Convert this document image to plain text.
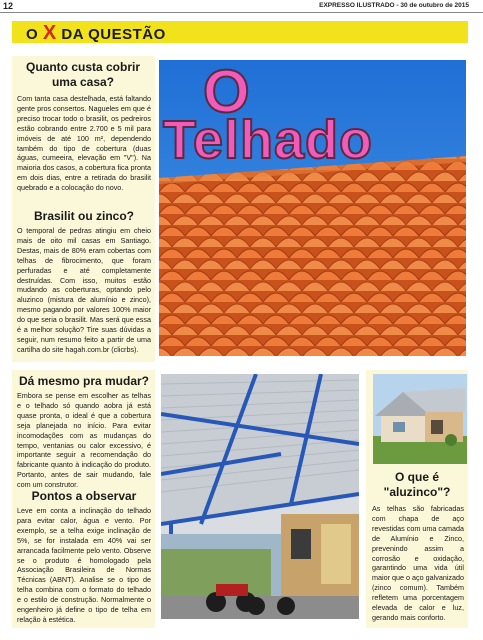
12	EXPRESSO ILUSTRADO - 30 de outubro de 2015
O X DA QUESTÃO
Quanto custa cobrir uma casa?
Com tanta casa destelhada, está faltando gente pros consertos. Nagueles em que é preciso trocar todo o brasilit, os pedreiros estão cobrando entre 2.700 e 5 mil para imóveis de até 100 m², dependendo também do tipo de cobertura (duas águas, cumeeira, elevação em "V"). Na maioria dos casos, a cobertura fica pronta em dois dias, entre a retirada do brasilit quebrado e a colocação do novo.
Brasilit ou zinco?
O temporal de pedras atingiu em cheio mais de oito mil casas em Santiago. Destas, mais de 80% eram cobertas com telhas de fibrocimento, que foram perfuradas e até completamente destruídas. Com isso, muitos estão mudando as coberturas, optando pelo aluzinco (mistura de alumínio e zinco), mesmo pagando por valores 100% maior do que seria o brasilit. Mas será que essa é a melhor solução? Tire suas dúvidas a seguir, num resumo feito a partir de uma cartilha do site hagah.com.br (clicrbs).
O
Telhado
Dá mesmo pra mudar?
Embora se pense em escolher as telhas e o telhado só quando aobra já está quase pronta, o ideal é que a cobertura seja planejada no início. Para evitar incomodações com as mudanças do tempo, ventanias ou calor excessivo, é importante seguir a recomendação do fabricante quanto à indicação do produto. Portanto, antes de sair mudando, fale com um construtor.
Pontos a observar
Leve em conta a inclinação do telhado para evitar calor, água e vento. Por exemplo, se a telha exige inclinação de 5%, se for instalada em 40% vai ser arrancada facilmente pelo vento. Observe se o produto é homologado pela Associação Brasileira de Normas Técnicas (ABNT). Analise se o tipo de telha combina com o formato do telhado e o estilo de construção. Normalmente o engenheiro já define o tipo de telha em relação à estética.
O que é "aluzinco"?
As telhas são fabricadas com chapa de aço revestidas com uma camada de Alumínio e Zinco, prevenindo assim a corrosão e oxidação, garantindo uma vida útil maior que o aço galvanizado (zinco comum). Também refletem uma porcentagem elevada de calor e luz, gerando mais conforto.
